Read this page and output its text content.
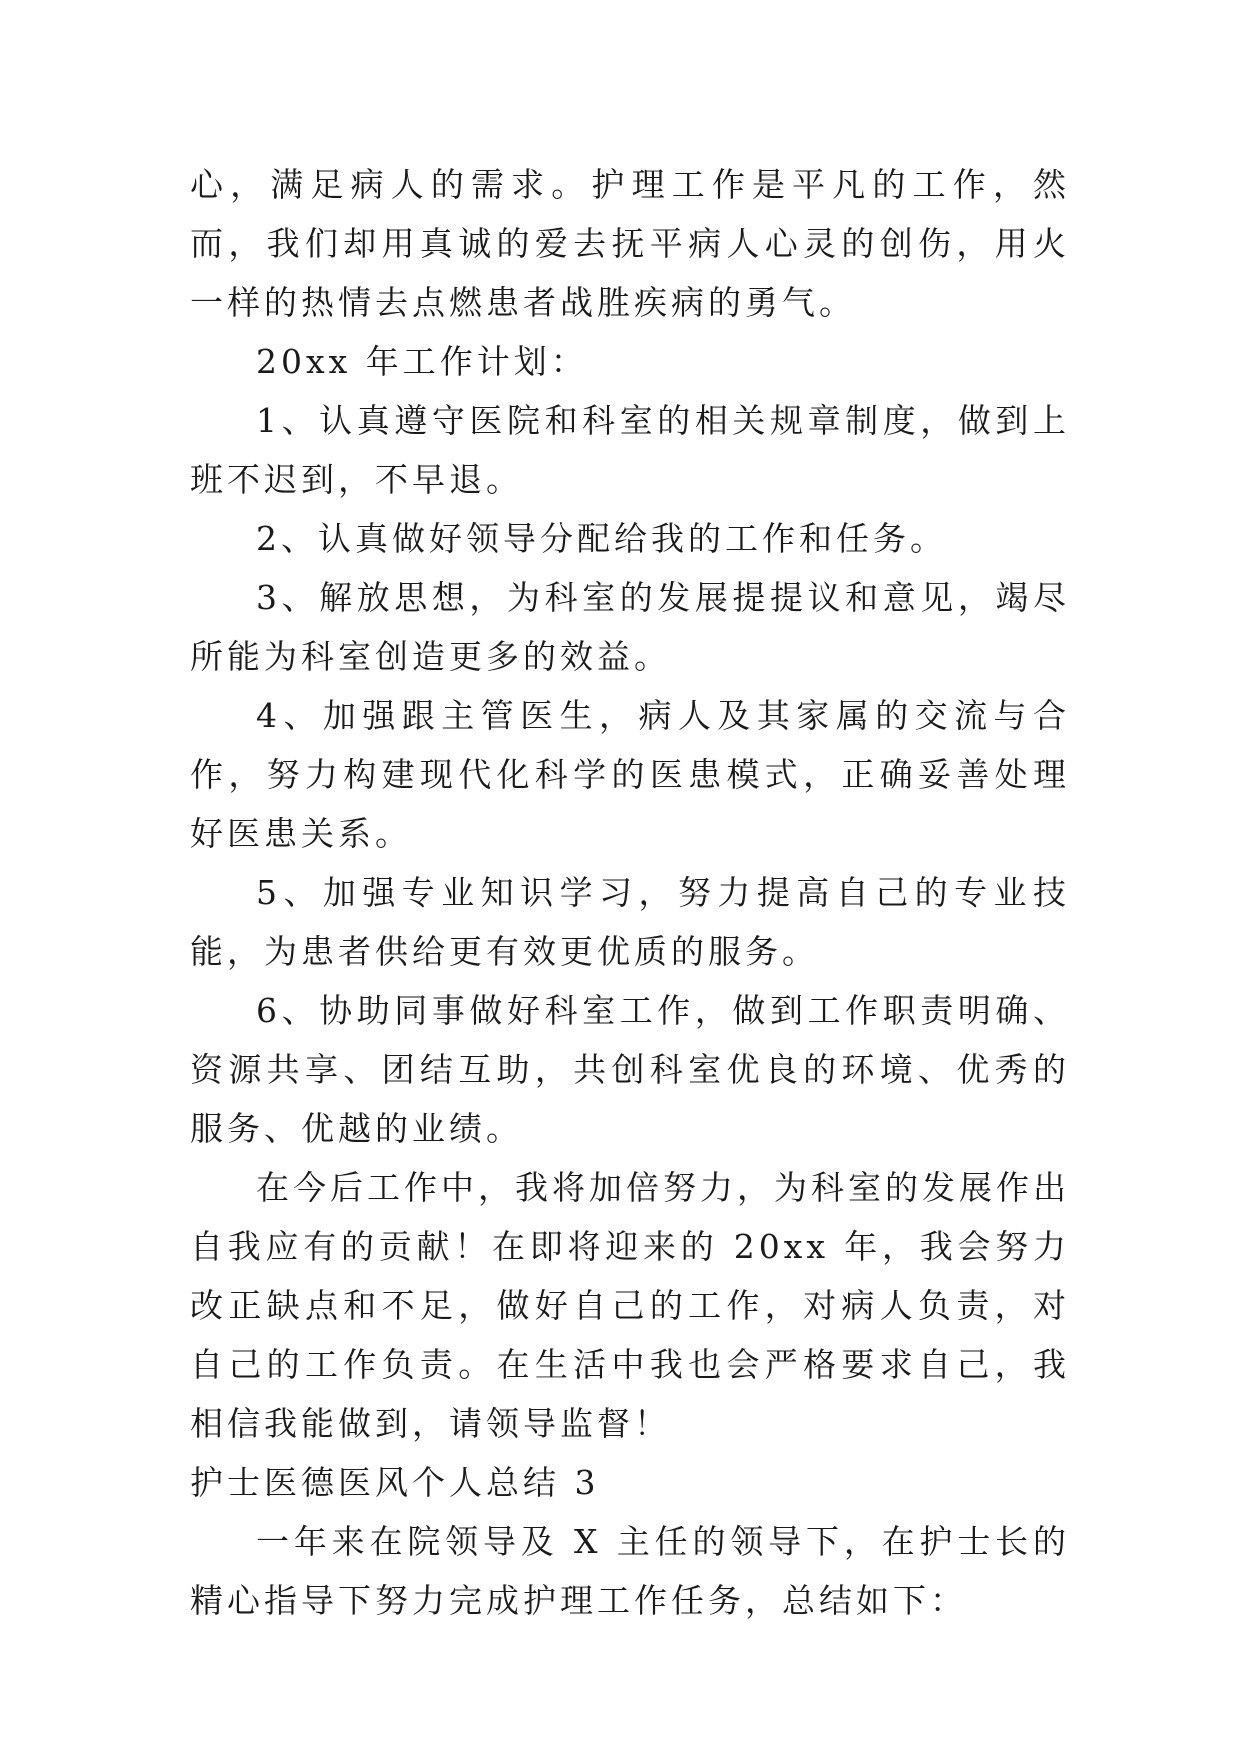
心，满足病人的需求。护理工作是平凡的工作，然而，我们却用真诚的爱去抚平病人心灵的创伤，用火一样的热情去点燃患者战胜疾病的勇气。

20xx 年工作计划：

1、认真遵守医院和科室的相关规章制度，做到上班不迟到，不早退。

2、认真做好领导分配给我的工作和任务。

3、解放思想，为科室的发展提提议和意见，竭尽所能为科室创造更多的效益。

4、加强跟主管医生，病人及其家属的交流与合作，努力构建现代化科学的医患模式，正确妥善处理好医患关系。

5、加强专业知识学习，努力提高自己的专业技能，为患者供给更有效更优质的服务。

6、协助同事做好科室工作，做到工作职责明确、资源共享、团结互助，共创科室优良的环境、优秀的服务、优越的业绩。

在今后工作中，我将加倍努力，为科室的发展作出自我应有的贡献！在即将迎来的 20xx 年，我会努力改正缺点和不足，做好自己的工作，对病人负责，对自己的工作负责。在生活中我也会严格要求自己，我相信我能做到，请领导监督！

护士医德医风个人总结 3

一年来在院领导及 X 主任的领导下，在护士长的精心指导下努力完成护理工作任务，总结如下：
